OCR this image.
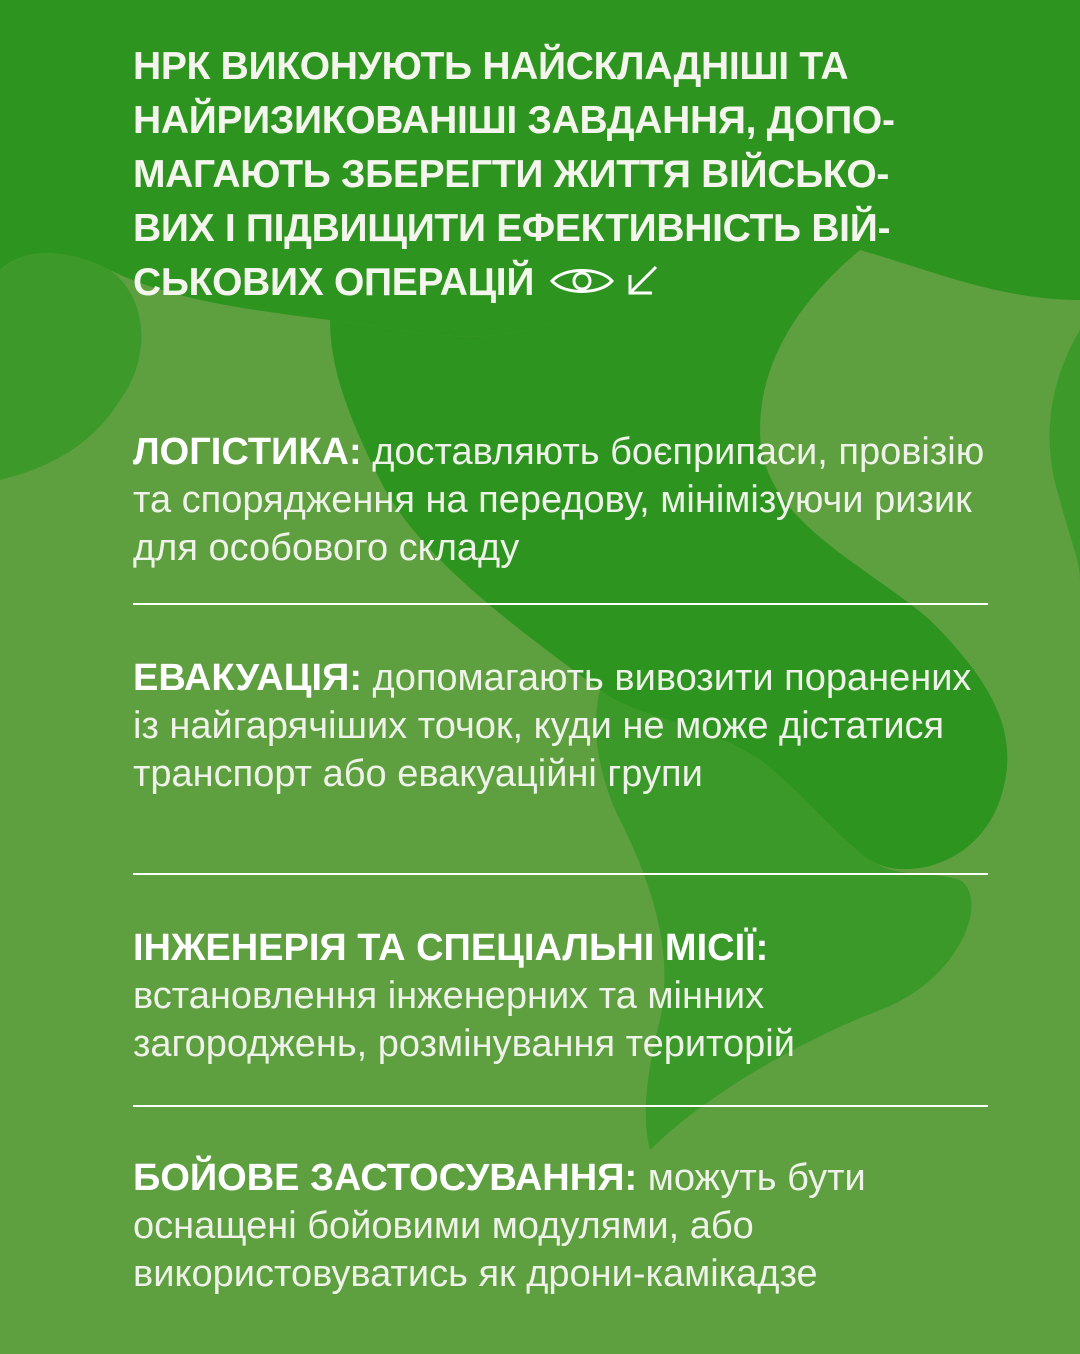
НРК ВИКОНУЮТЬ НАЙСКЛАДНІШІ ТА
НАЙРИЗИКОВАНІШІ ЗАВДАННЯ, ДОПО-
МАГАЮТЬ ЗБЕРЕГТИ ЖИТТЯ ВІЙСЬКО-
ВИХ І ПІДВИЩИТИ ЕФЕКТИВНІСТЬ ВІЙ-
СЬКОВИХ ОПЕРАЦІЙ
ЛОГІСТИКА: доставляють боєприпаси, провізію та спорядження на передову, мінімізуючи ризик для особового складу
ЕВАКУАЦІЯ: допомагають вивозити поранених із найгарячіших точок, куди не може дістатися транспорт або евакуаційні групи
ІНЖЕНЕРІЯ ТА СПЕЦІАЛЬНІ МІСІЇ: встановлення інженерних та мінних загороджень, розмінування територій
БОЙОВЕ ЗАСТОСУВАННЯ: можуть бути оснащені бойовими модулями, або використовуватись як дрони-камікадзе
